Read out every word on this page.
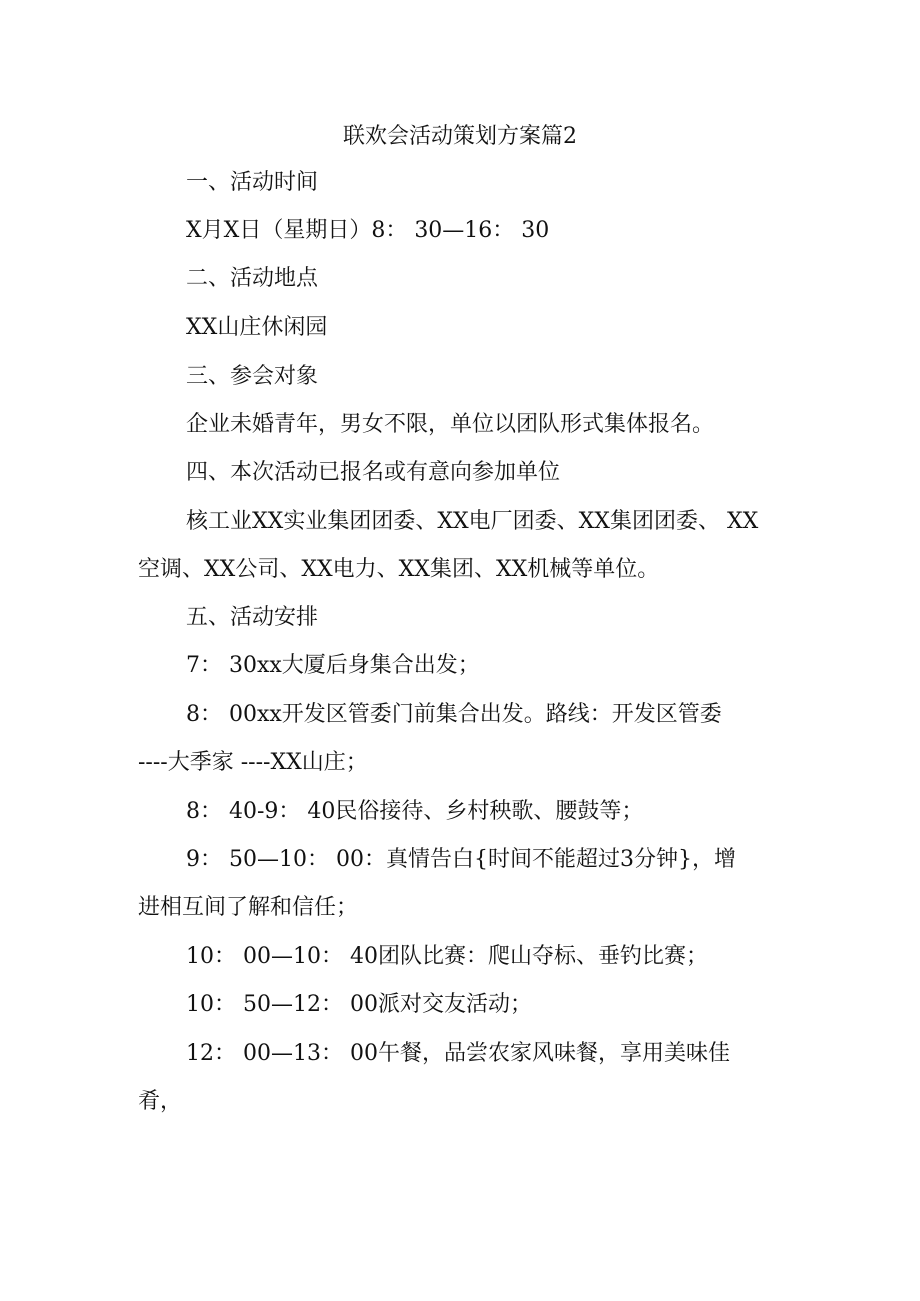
联欢会活动策划方案篇2
一、活动时间
X月X日（星期日）8： 30—16： 30
二、活动地点
XX山庄休闲园
三、参会对象
企业未婚青年，男女不限，单位以团队形式集体报名。
四、本次活动已报名或有意向参加单位
核工业XX实业集团团委、XX电厂团委、XX集团团委、 XX
空调、XX公司、XX电力、XX集团、XX机械等单位。
五、活动安排
7： 30xx大厦后身集合出发；
8： 00xx开发区管委门前集合出发。路线：开发区管委
----大季家 ----XX山庄；
8： 40-9： 40民俗接待、乡村秧歌、腰鼓等；
9： 50—10： 00：真情告白{时间不能超过3分钟}，增
进相互间了解和信任；
10： 00—10： 40团队比赛：爬山夺标、垂钓比赛；
10： 50—12： 00派对交友活动；
12： 00—13： 00午餐，品尝农家风味餐，享用美味佳
肴，
